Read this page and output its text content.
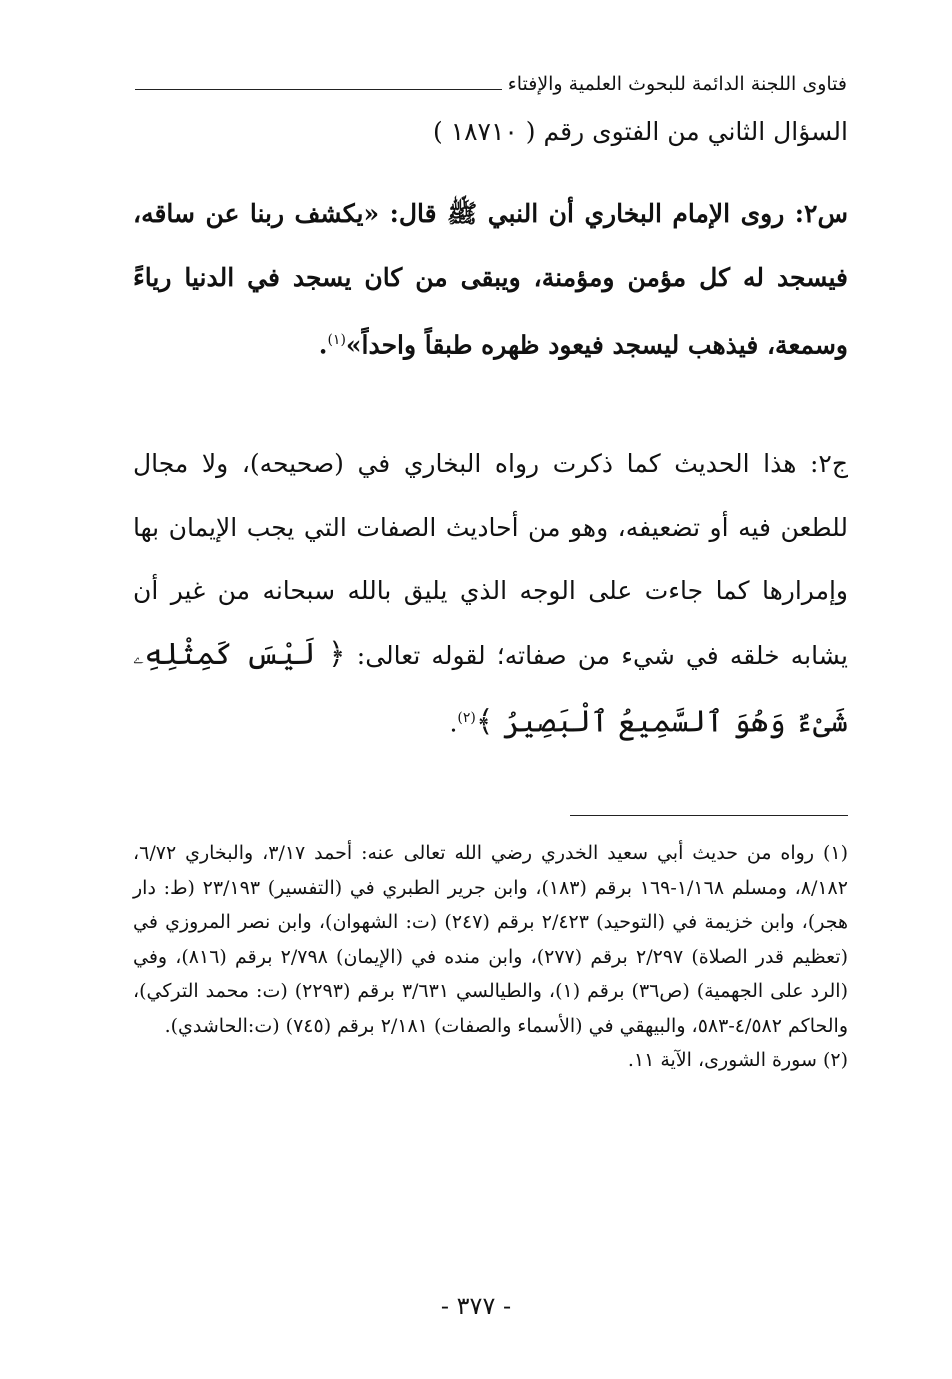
فتاوى اللجنة الدائمة للبحوث العلمية والإفتاء
السؤال الثاني من الفتوى رقم ( ١٨٧١٠ )
س٢: روى الإمام البخاري أن النبي ﷺ قال: «يكشف ربنا عن ساقه، فيسجد له كل مؤمن ومؤمنة، ويبقى من كان يسجد في الدنيا رياءً وسمعة، فيذهب ليسجد فيعود ظهره طبقاً واحداً»$^{(١)}$.
ج٢: هذا الحديث كما ذكرت رواه البخاري في (صحيحه)، ولا مجال للطعن فيه أو تضعيفه، وهو من أحاديث الصفات التي يجب الإيمان بها وإمرارها كما جاءت على الوجه الذي يليق بالله سبحانه من غير أن يشابه خلقه في شيء من صفاته؛ لقوله تعالى: ﴿ لَيْسَ كَمِثْلِهِۦ شَىْءٌ وَهُوَ ٱلسَّمِيعُ ٱلْبَصِيرُ ﴾$^{(٢)}$.

(١) رواه من حديث أبي سعيد الخدري رضي الله تعالى عنه: أحمد ٣/١٧، والبخاري ٦/٧٢، ٨/١٨٢، ومسلم ١/١٦٨-١٦٩ برقم (١٨٣)، وابن جرير الطبري في (التفسير) ٢٣/١٩٣ (ط: دار هجر)، وابن خزيمة في (التوحيد) ٢/٤٢٣ برقم (٢٤٧) (ت: الشهوان)، وابن نصر المروزي في (تعظيم قدر الصلاة) ٢/٢٩٧ برقم (٢٧٧)، وابن منده في (الإيمان) ٢/٧٩٨ برقم (٨١٦)، وفي (الرد على الجهمية) (ص٣٦) برقم (١)، والطيالسي ٣/٦٣١ برقم (٢٢٩٣) (ت: محمد التركي)، والحاكم ٤/٥٨٢-٥٨٣، والبيهقي في (الأسماء والصفات) ٢/١٨١ برقم (٧٤٥) (ت:الحاشدي).

(٢) سورة الشورى، الآية ١١.

- ٣٧٧ -
